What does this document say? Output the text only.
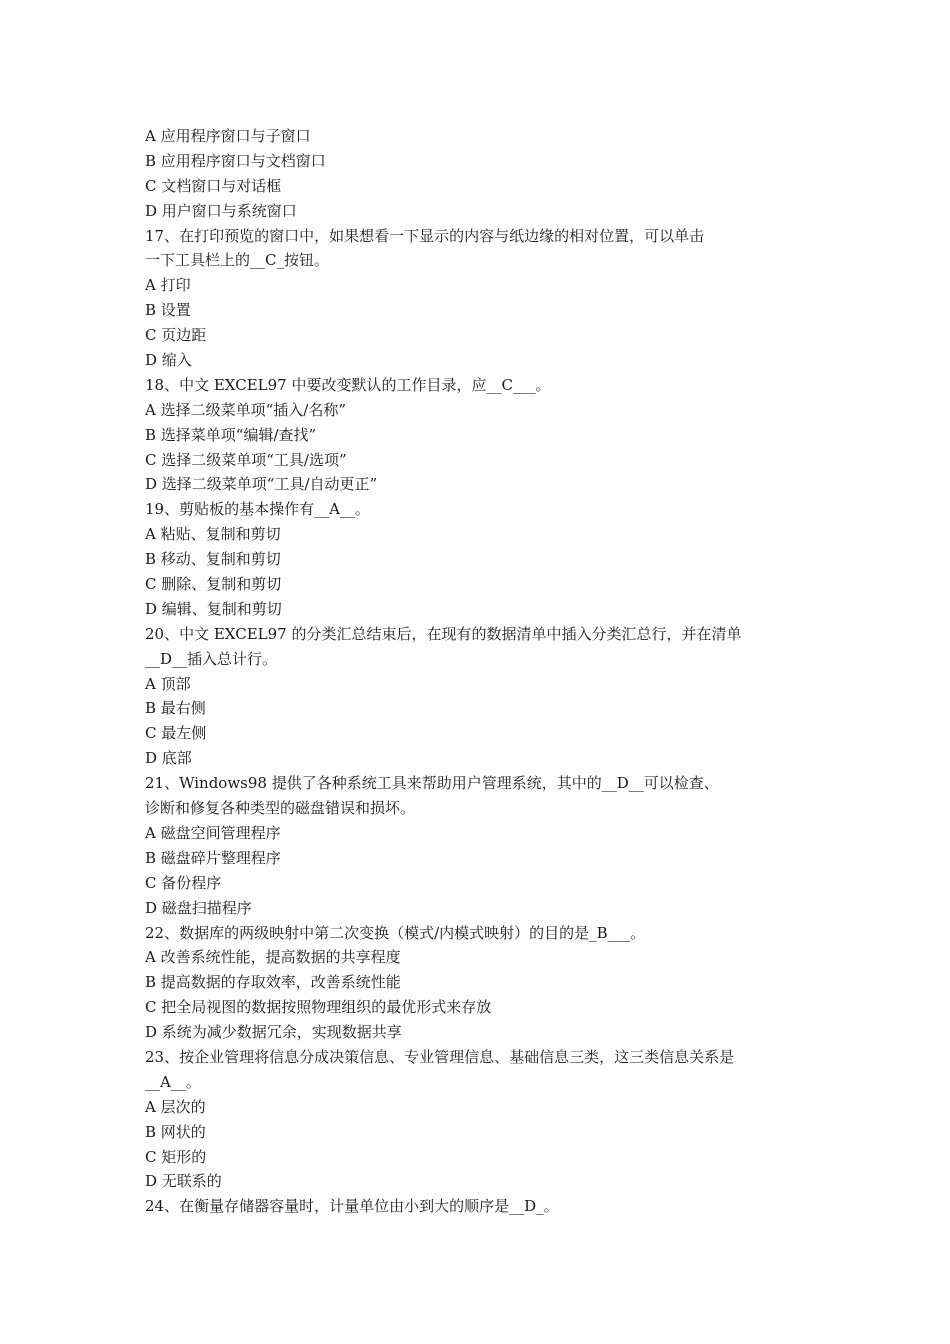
A 应用程序窗口与子窗口
B 应用程序窗口与文档窗口
C 文档窗口与对话框
D 用户窗口与系统窗口
17、在打印预览的窗口中，如果想看一下显示的内容与纸边缘的相对位置，可以单击
一下工具栏上的__C_按钮。
A 打印
B 设置
C 页边距
D 缩入
18、中文 EXCEL97 中要改变默认的工作目录，应__C___。
A 选择二级菜单项“插入/名称”
B 选择菜单项“编辑/查找”
C 选择二级菜单项“工具/选项”
D 选择二级菜单项“工具/自动更正”
19、剪贴板的基本操作有__A__。
A 粘贴、复制和剪切
B 移动、复制和剪切
C 删除、复制和剪切
D 编辑、复制和剪切
20、中文 EXCEL97 的分类汇总结束后，在现有的数据清单中插入分类汇总行，并在清单
__D__插入总计行。
A 顶部
B 最右侧
C 最左侧
D 底部
21、Windows98 提供了各种系统工具来帮助用户管理系统，其中的__D__可以检查、
诊断和修复各种类型的磁盘错误和损坏。
A 磁盘空间管理程序
B 磁盘碎片整理程序
C 备份程序
D 磁盘扫描程序
22、数据库的两级映射中第二次变换（模式/内模式映射）的目的是_B___。
A 改善系统性能，提高数据的共享程度
B 提高数据的存取效率，改善系统性能
C 把全局视图的数据按照物理组织的最优形式来存放
D 系统为减少数据冗余，实现数据共享
23、按企业管理将信息分成决策信息、专业管理信息、基础信息三类，这三类信息关系是
__A__。
A 层次的
B 网状的
C 矩形的
D 无联系的
24、在衡量存储器容量时，计量单位由小到大的顺序是__D_。
